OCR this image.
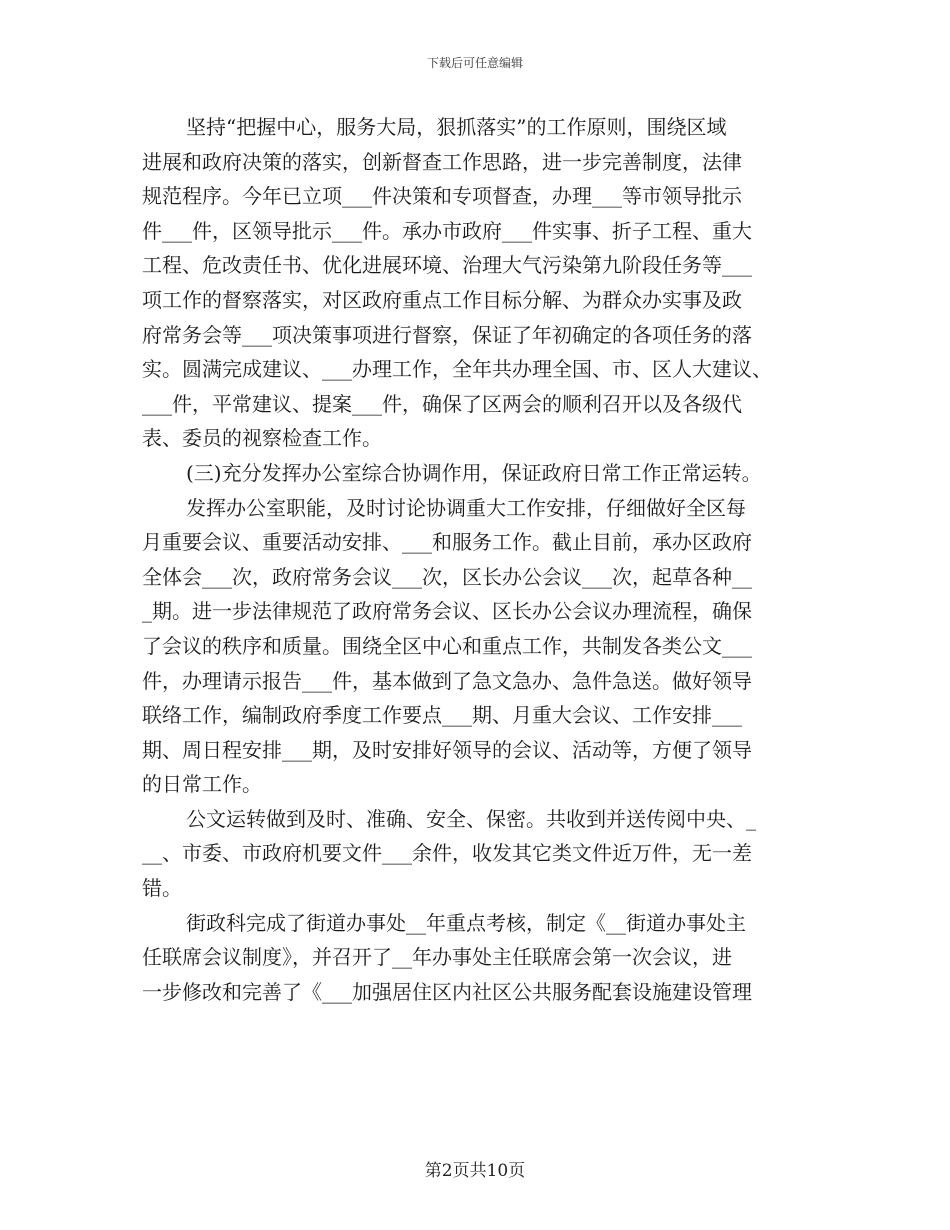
下载后可任意编辑
坚持“把握中心，服务大局，狠抓落实”的工作原则，围绕区域
进展和政府决策的落实，创新督查工作思路，进一步完善制度，法律
规范程序。今年已立项___件决策和专项督查，办理___等市领导批示
件___件，区领导批示___件。承办市政府___件实事、折子工程、重大
工程、危改责任书、优化进展环境、治理大气污染第九阶段任务等___
项工作的督察落实，对区政府重点工作目标分解、为群众办实事及政
府常务会等___项决策事项进行督察，保证了年初确定的各项任务的落
实。圆满完成建议、___办理工作，全年共办理全国、市、区人大建议、
___件，平常建议、提案___件，确保了区两会的顺利召开以及各级代
表、委员的视察检查工作。
(三)充分发挥办公室综合协调作用，保证政府日常工作正常运转。
发挥办公室职能，及时讨论协调重大工作安排，仔细做好全区每
月重要会议、重要活动安排、___和服务工作。截止目前，承办区政府
全体会___次，政府常务会议___次，区长办公会议___次，起草各种__
_期。进一步法律规范了政府常务会议、区长办公会议办理流程，确保
了会议的秩序和质量。围绕全区中心和重点工作，共制发各类公文___
件，办理请示报告___件，基本做到了急文急办、急件急送。做好领导
联络工作，编制政府季度工作要点___期、月重大会议、工作安排___
期、周日程安排___期，及时安排好领导的会议、活动等，方便了领导
的日常工作。
公文运转做到及时、准确、安全、保密。共收到并送传阅中央、_
__、市委、市政府机要文件___余件，收发其它类文件近万件，无一差
错。
街政科完成了街道办事处__年重点考核，制定《__街道办事处主
任联席会议制度》，并召开了__年办事处主任联席会第一次会议，进
一步修改和完善了《___加强居住区内社区公共服务配套设施建设管理
第2页共10页
